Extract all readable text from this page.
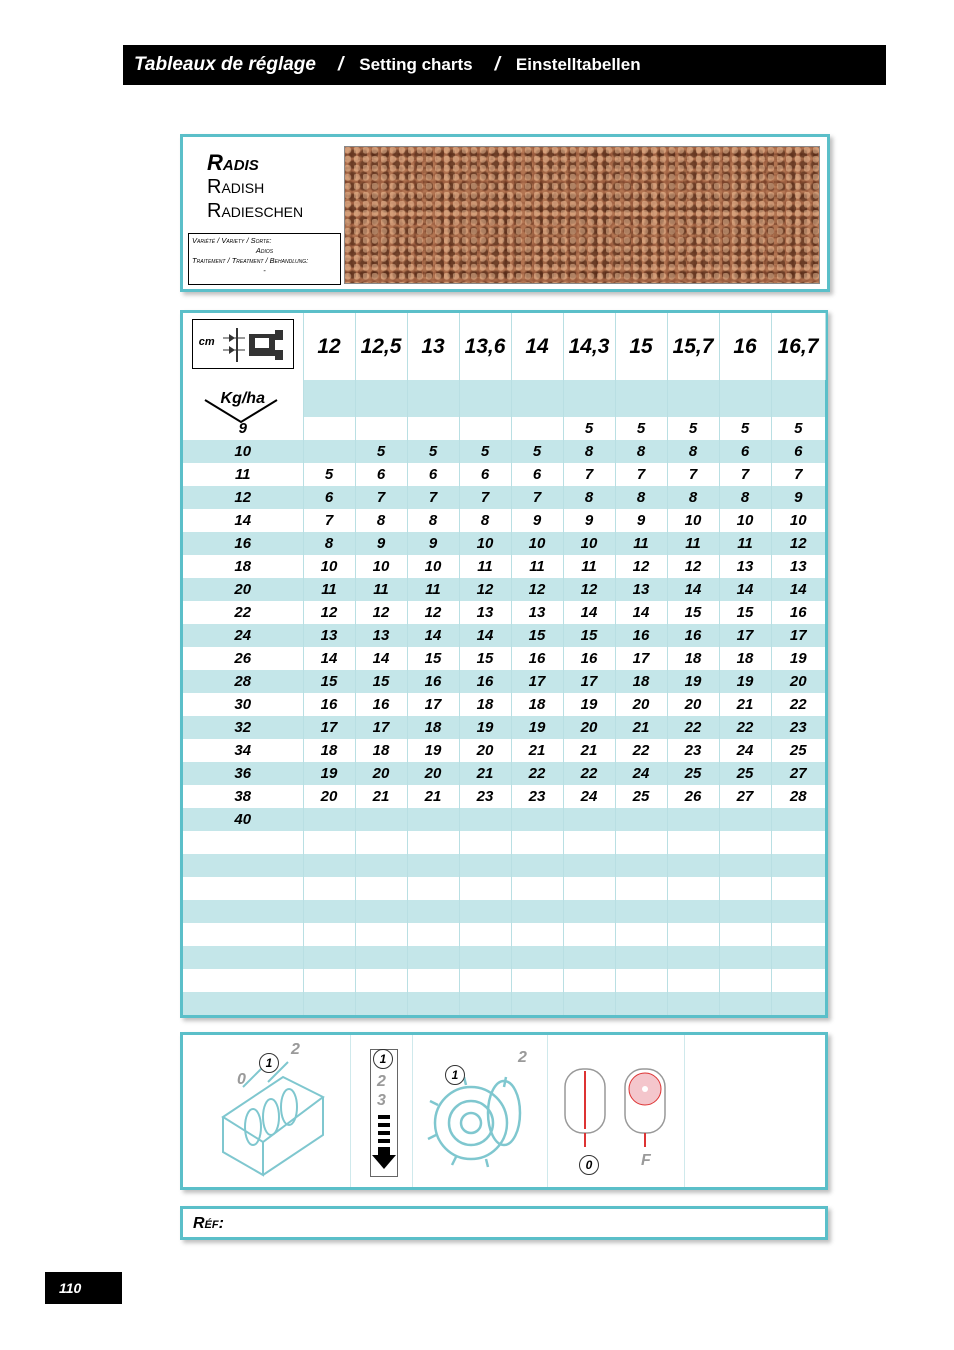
Tableaux de réglage / Setting charts / Einstelltabellen
Radis
Radish
Radieschen
Variété / Variety / Sorte:
Adios
Traitement / Treatment / Behandlung:
-
cm	12	12,5	13	13,6	14	14,3	15	15,7	16	16,7

Kg/ha										
9						5	5	5	5	5
10		5	5	5	5	8	8	8	6	6
11	5	6	6	6	6	7	7	7	7	7
12	6	7	7	7	7	8	8	8	8	9
14	7	8	8	8	9	9	9	10	10	10
16	8	9	9	10	10	10	11	11	11	12
18	10	10	10	11	11	11	12	12	13	13
20	11	11	11	12	12	12	13	14	14	14
22	12	12	12	13	13	14	14	15	15	16
24	13	13	14	14	15	15	16	16	17	17
26	14	14	15	15	16	16	17	18	18	19
28	15	15	16	16	17	17	18	19	19	20
30	16	16	17	18	18	19	20	20	21	22
32	17	17	18	19	19	20	21	22	22	23
34	18	18	19	20	21	21	22	23	24	25
36	19	20	20	21	22	22	24	25	25	27
38	20	21	21	23	23	24	25	26	27	28
40										

1
2
0
1
2
3
1
2
0	F
Réf:
110
